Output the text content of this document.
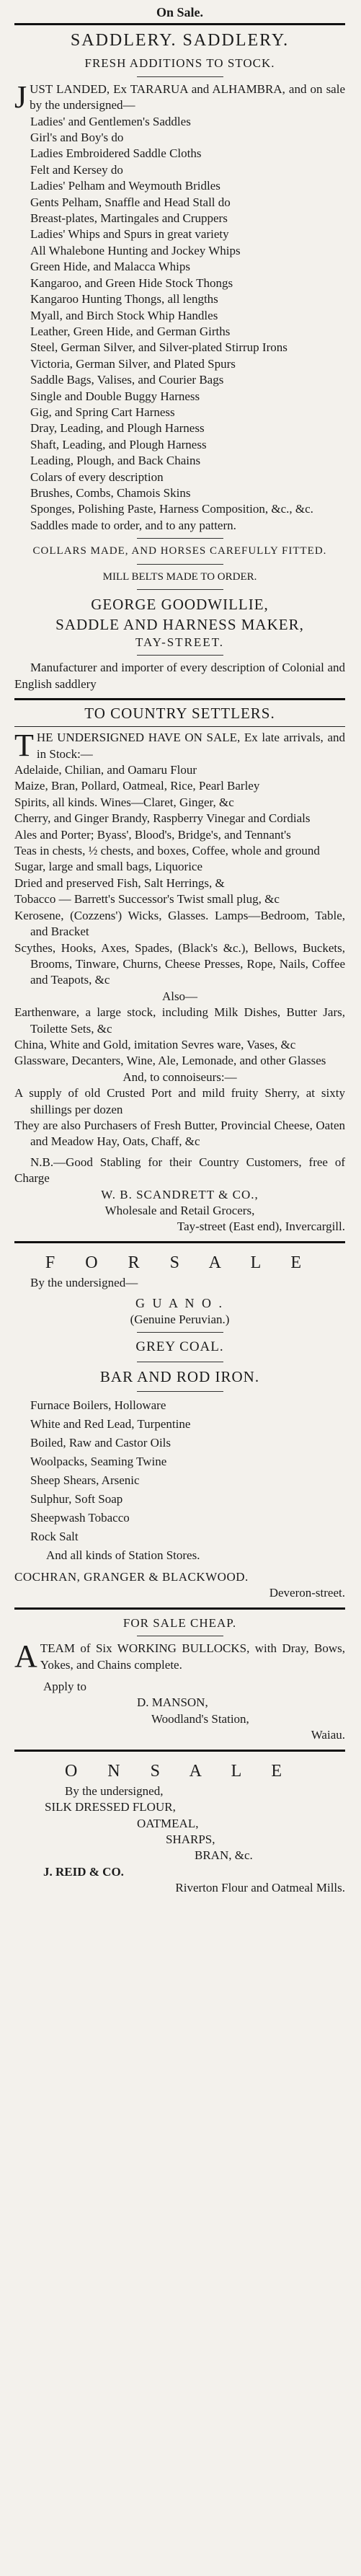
On Sale.
SADDLERY. SADDLERY.
FRESH ADDITIONS TO STOCK.

J UST LANDED, Ex TARARUA and ALHAMBRA, and on sale by the undersigned—

Ladies' and Gentlemen's Saddles

Girl's and Boy's do

Ladies Embroidered Saddle Cloths

Felt and Kersey do

Ladies' Pelham and Weymouth Bridles

Gents Pelham, Snaffle and Head Stall do

Breast-plates, Martingales and Cruppers

Ladies' Whips and Spurs in great variety

All Whalebone Hunting and Jockey Whips

Green Hide, and Malacca Whips

Kangaroo, and Green Hide Stock Thongs

Kangaroo Hunting Thongs, all lengths

Myall, and Birch Stock Whip Handles

Leather, Green Hide, and German Girths

Steel, German Silver, and Silver-plated Stirrup Irons

Victoria, German Silver, and Plated Spurs

Saddle Bags, Valises, and Courier Bags

Single and Double Buggy Harness

Gig, and Spring Cart Harness

Dray, Leading, and Plough Harness

Shaft, Leading, and Plough Harness

Leading, Plough, and Back Chains

Colars of every description

Brushes, Combs, Chamois Skins

Sponges, Polishing Paste, Harness Composition, &c., &c.

Saddles made to order, and to any pattern.

COLLARS MADE, AND HORSES CAREFULLY FITTED.

MILL BELTS MADE TO ORDER.

GEORGE GOODWILLIE,

SADDLE AND HARNESS MAKER,

TAY-STREET.

Manufacturer and importer of every description of Colonial and English saddlery

TO COUNTRY SETTLERS.

T HE UNDERSIGNED HAVE ON SALE, Ex late arrivals, and in Stock:—

Adelaide, Chilian, and Oamaru Flour

Maize, Bran, Pollard, Oatmeal, Rice, Pearl Barley

Spirits, all kinds. Wines—Claret, Ginger, &c

Cherry, and Ginger Brandy, Raspberry Vinegar and Cordials

Ales and Porter; Byass', Blood's, Bridge's, and Tennant's

Teas in chests, ½ chests, and boxes, Coffee, whole and ground

Sugar, large and small bags, Liquorice

Dried and preserved Fish, Salt Herrings, &

Tobacco — Barrett's Successor's Twist small plug, &c

Kerosene, (Cozzens') Wicks, Glasses. Lamps—Bedroom, Table, and Bracket

Scythes, Hooks, Axes, Spades, (Black's &c.), Bellows, Buckets, Brooms, Tinware, Churns, Cheese Presses, Rope, Nails, Coffee and Teapots, &c

Also—

Earthenware, a large stock, including Milk Dishes, Butter Jars, Toilette Sets, &c

China, White and Gold, imitation Sevres ware, Vases, &c

Glassware, Decanters, Wine, Ale, Lemonade, and other Glasses

And, to connoiseurs:—

A supply of old Crusted Port and mild fruity Sherry, at sixty shillings per dozen

They are also Purchasers of Fresh Butter, Provincial Cheese, Oaten and Meadow Hay, Oats, Chaff, &c

N.B.—Good Stabling for their Country Customers, free of Charge

W. B. SCANDRETT & CO.,

Wholesale and Retail Grocers,

Tay-street (East end), Invercargill.

F O R S A L E

By the undersigned—

G U A N O .

(Genuine Peruvian.)

GREY COAL.

BAR AND ROD IRON.

Furnace Boilers, Holloware

White and Red Lead, Turpentine

Boiled, Raw and Castor Oils

Woolpacks, Seaming Twine

Sheep Shears, Arsenic

Sulphur, Soft Soap

Sheepwash Tobacco

Rock Salt

And all kinds of Station Stores.

COCHRAN, GRANGER & BLACKWOOD.

Deveron-street.

FOR SALE CHEAP.

A TEAM of Six WORKING BULLOCKS, with Dray, Bows, Yokes, and Chains complete.

Apply to

D. MANSON,

Woodland's Station,

Waiau.

O N S A L E

By the undersigned,

SILK DRESSED FLOUR,

OATMEAL,

SHARPS,

BRAN, &c.

J. REID & CO.

Riverton Flour and Oatmeal Mills.
